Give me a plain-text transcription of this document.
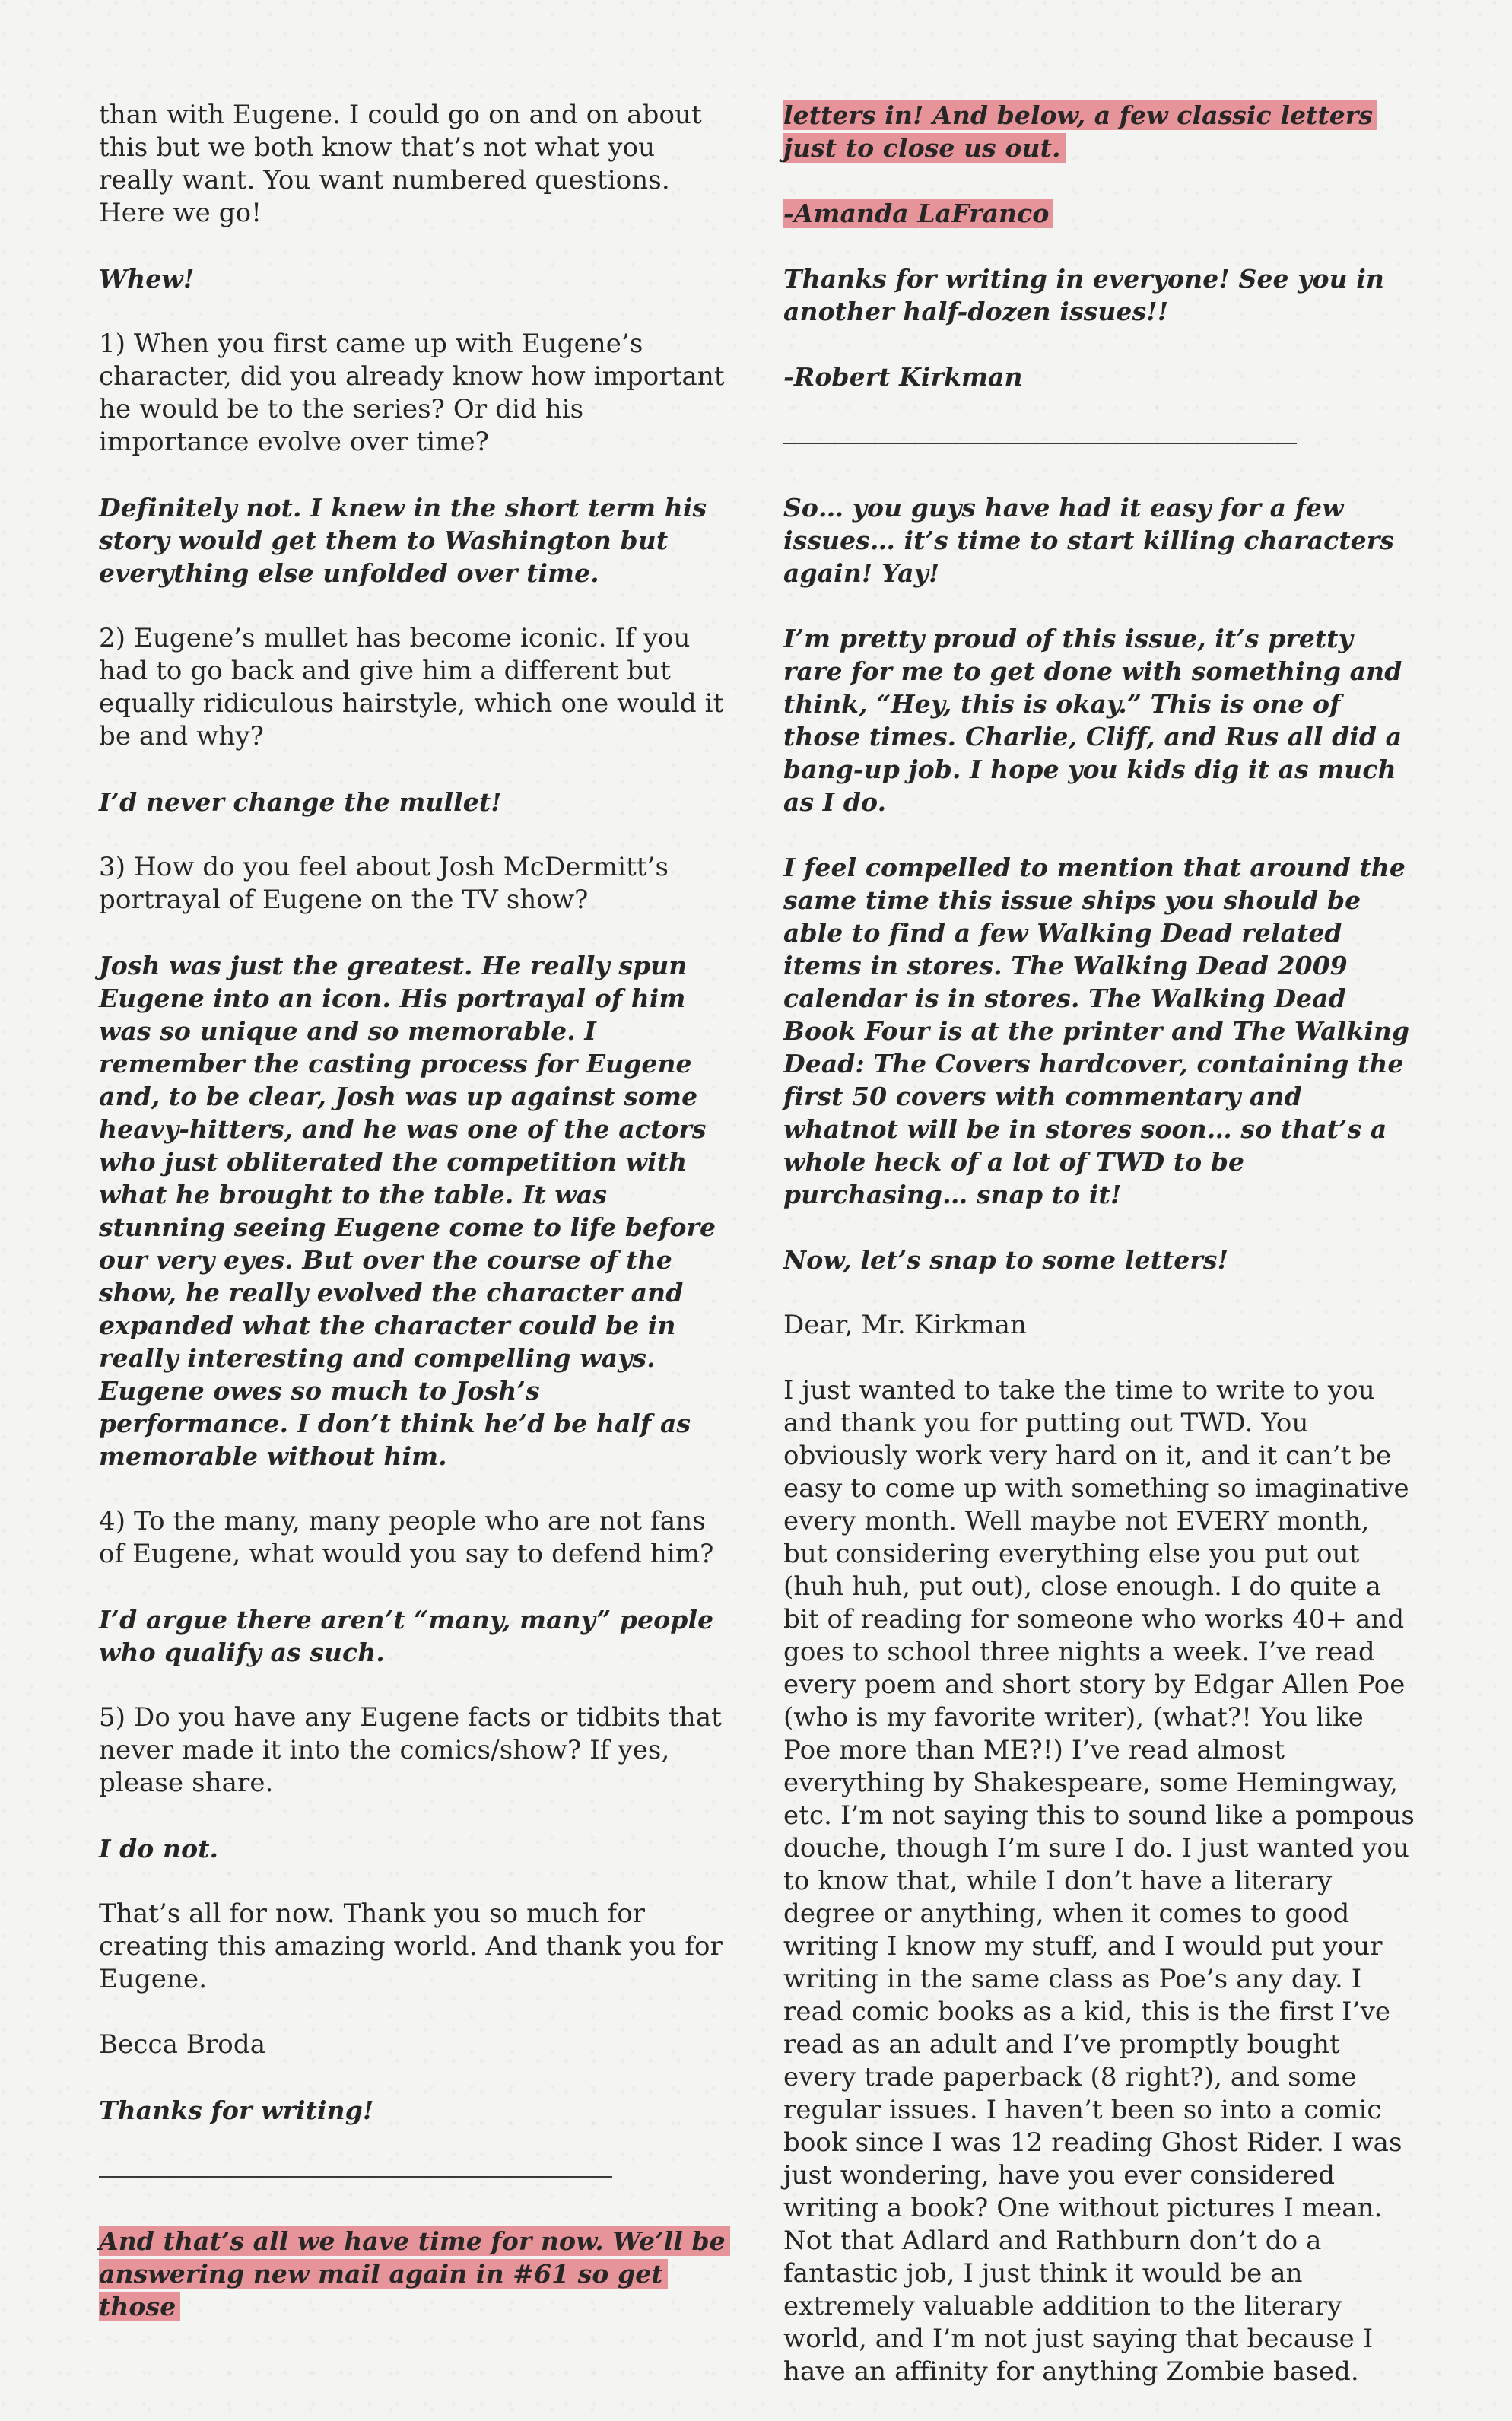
than with Eugene. I could go on and on about this but we both know that’s not what you really want. You want numbered questions. Here we go!

Whew!

1) When you first came up with Eugene’s character, did you already know how important he would be to the series? Or did his importance evolve over time?

Definitely not. I knew in the short term his story would get them to Washington but everything else unfolded over time.

2) Eugene’s mullet has become iconic. If you had to go back and give him a different but equally ridiculous hairstyle, which one would it be and why?

I’d never change the mullet!

3) How do you feel about Josh McDermitt’s portrayal of Eugene on the TV show?

Josh was just the greatest. He really spun Eugene into an icon. His portrayal of him was so unique and so memorable. I remember the casting process for Eugene and, to be clear, Josh was up against some heavy-hitters, and he was one of the actors who just obliterated the competition with what he brought to the table. It was stunning seeing Eugene come to life before our very eyes. But over the course of the show, he really evolved the character and expanded what the character could be in really interesting and compelling ways. Eugene owes so much to Josh’s performance. I don’t think he’d be half as memorable without him.

4) To the many, many people who are not fans of Eugene, what would you say to defend him?

I’d argue there aren’t “many, many” people who qualify as such.

5) Do you have any Eugene facts or tidbits that never made it into the comics/show? If yes, please share.

I do not.

That’s all for now. Thank you so much for creating this amazing world. And thank you for Eugene.

Becca Broda

Thanks for writing!

And that’s all we have time for now. We’ll be answering new mail again in #61 so get those

letters in! And below, a few classic letters just to close us out.

-Amanda LaFranco

Thanks for writing in everyone! See you in another half-dozen issues!!

-Robert Kirkman

So… you guys have had it easy for a few issues… it’s time to start killing characters again! Yay!

I’m pretty proud of this issue, it’s pretty rare for me to get done with something and think, “Hey, this is okay.” This is one of those times. Charlie, Cliff, and Rus all did a bang-up job. I hope you kids dig it as much as I do.

I feel compelled to mention that around the same time this issue ships you should be able to find a few Walking Dead related items in stores. The Walking Dead 2009 calendar is in stores. The Walking Dead Book Four is at the printer and The Walking Dead: The Covers hardcover, containing the first 50 covers with commentary and whatnot will be in stores soon… so that’s a whole heck of a lot of TWD to be purchasing… snap to it!

Now, let’s snap to some letters!

Dear, Mr. Kirkman

I just wanted to take the time to write to you and thank you for putting out TWD. You obviously work very hard on it, and it can’t be easy to come up with something so imaginative every month. Well maybe not EVERY month, but considering everything else you put out (huh huh, put out), close enough. I do quite a bit of reading for someone who works 40+ and goes to school three nights a week. I’ve read every poem and short story by Edgar Allen Poe (who is my favorite writer), (what?! You like Poe more than ME?!) I’ve read almost everything by Shakespeare, some Hemingway, etc. I’m not saying this to sound like a pompous douche, though I’m sure I do. I just wanted you to know that, while I don’t have a literary degree or anything, when it comes to good writing I know my stuff, and I would put your writing in the same class as Poe’s any day. I read comic books as a kid, this is the first I’ve read as an adult and I’ve promptly bought every trade paperback (8 right?), and some regular issues. I haven’t been so into a comic book since I was 12 reading Ghost Rider. I was just wondering, have you ever considered writing a book? One without pictures I mean. Not that Adlard and Rathburn don’t do a fantastic job, I just think it would be an extremely valuable addition to the literary world, and I’m not just saying that because I have an affinity for anything Zombie based.
